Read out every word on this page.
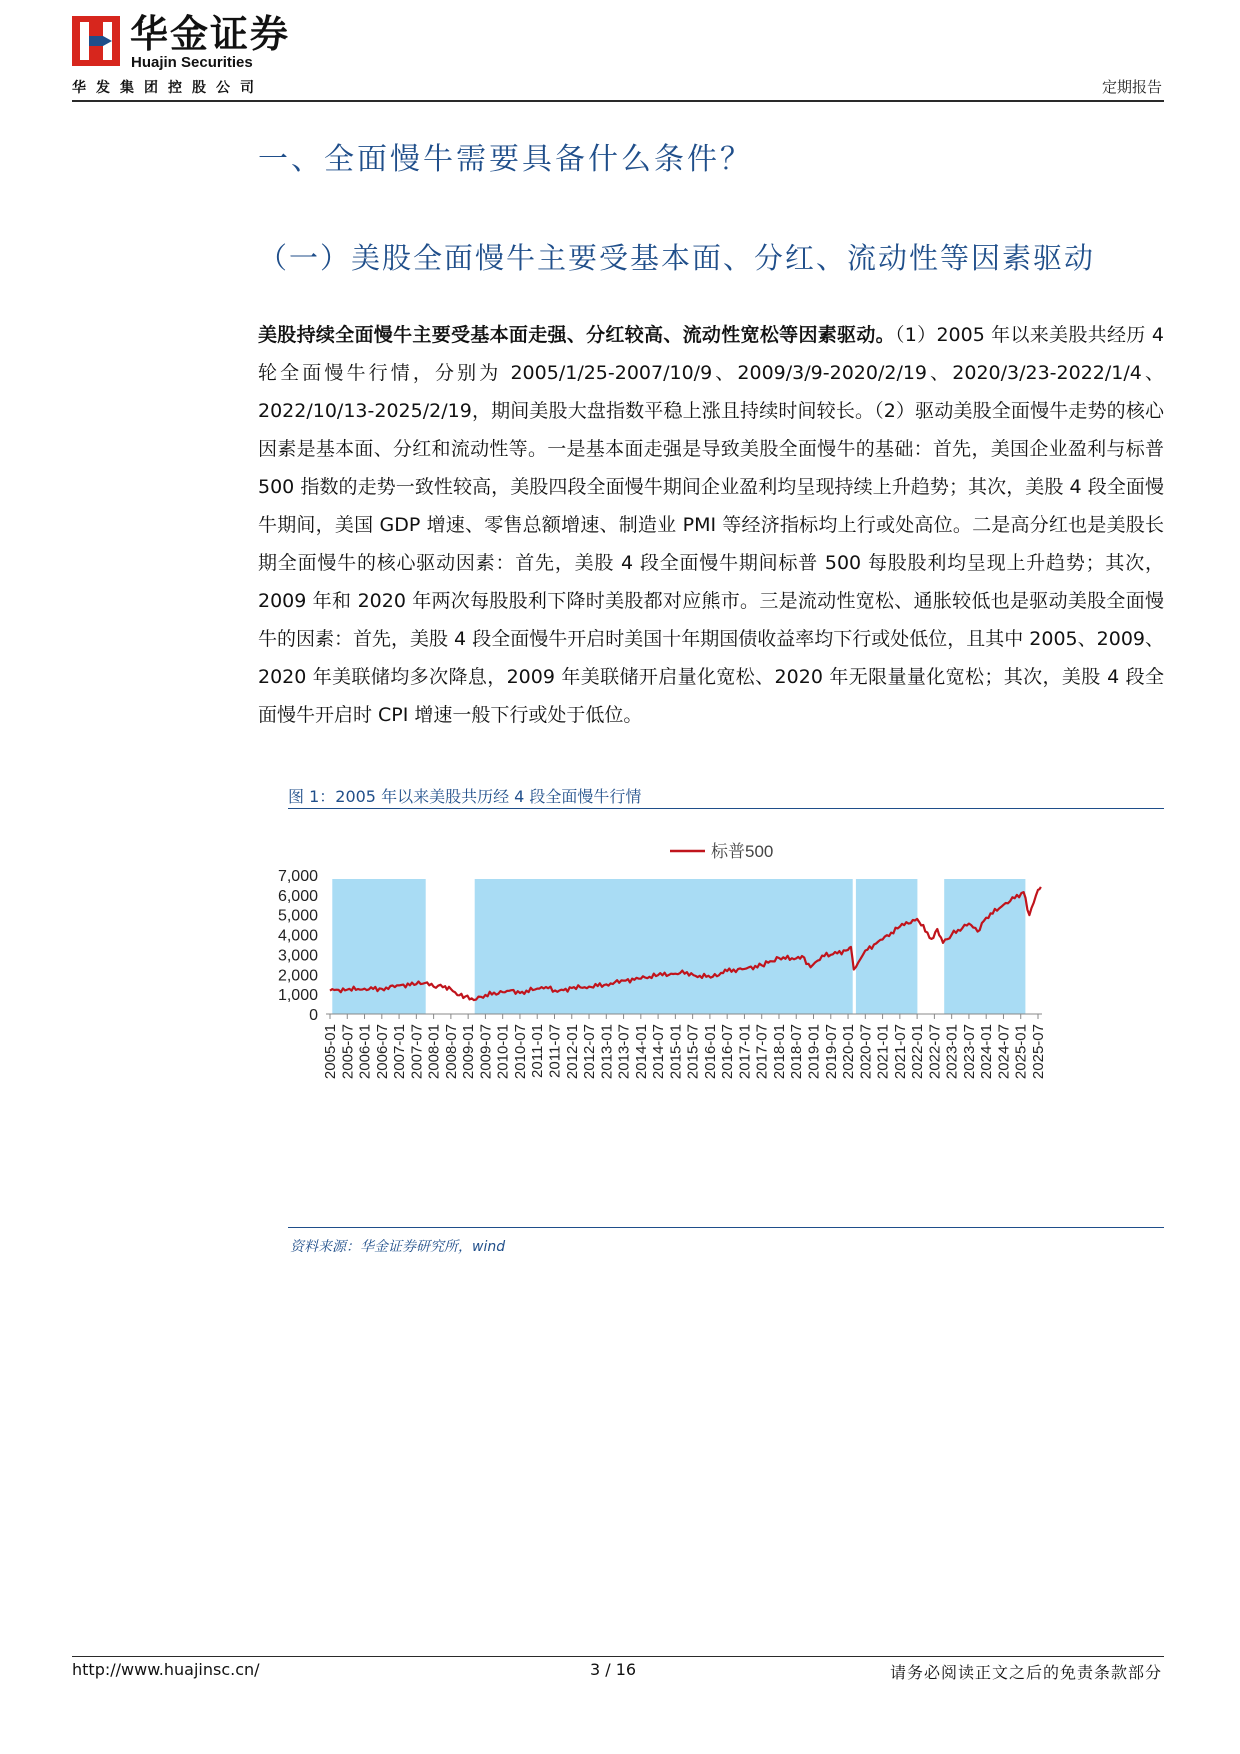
华金证券
Huajin Securities
华发集团控股公司	定期报告
一、全面慢牛需要具备什么条件？
（一）美股全面慢牛主要受基本面、分红、流动性等因素驱动
美股持续全面慢牛主要受基本面走强、分红较高、流动性宽松等因素驱动。（1）2005 年以来美股共经历 4 轮全面慢牛行情，分别为 2005/1/25-2007/10/9、2009/3/9-2020/2/19、2020/3/23-2022/1/4、2022/10/13-2025/2/19，期间美股大盘指数平稳上涨且持续时间较长。（2）驱动美股全面慢牛走势的核心因素是基本面、分红和流动性等。一是基本面走强是导致美股全面慢牛的基础：首先，美国企业盈利与标普 500 指数的走势一致性较高，美股四段全面慢牛期间企业盈利均呈现持续上升趋势；其次，美股 4 段全面慢牛期间，美国 GDP 增速、零售总额增速、制造业 PMI 等经济指标均上行或处高位。二是高分红也是美股长期全面慢牛的核心驱动因素：首先，美股 4 段全面慢牛期间标普 500 每股股利均呈现上升趋势；其次，2009 年和 2020 年两次每股股利下降时美股都对应熊市。三是流动性宽松、通胀较低也是驱动美股全面慢牛的因素：首先，美股 4 段全面慢牛开启时美国十年期国债收益率均下行或处低位，且其中 2005、2009、2020 年美联储均多次降息，2009 年美联储开启量化宽松、2020 年无限量量化宽松；其次，美股 4 段全面慢牛开启时 CPI 增速一般下行或处于低位。
图 1：2005 年以来美股共历经 4 段全面慢牛行情
0
1,000
2,000
3,000
4,000
5,000
6,000
7,000
2005-01 2005-07 2006-01 2006-07 2007-01 2007-07 2008-01 2008-07 2009-01 2009-07 2010-01 2010-07 2011-01 2011-07 2012-01 2012-07 2013-01 2013-07 2014-01 2014-07 2015-01 2015-07 2016-01 2016-07 2017-01 2017-07 2018-01 2018-07 2019-01 2019-07 2020-01 2020-07 2021-01 2021-07 2022-01 2022-07 2023-01 2023-07 2024-01 2024-07 2025-01 2025-07
标普500
资料来源：华金证券研究所，wind
http://www.huajinsc.cn/	3 / 16	请务必阅读正文之后的免责条款部分
